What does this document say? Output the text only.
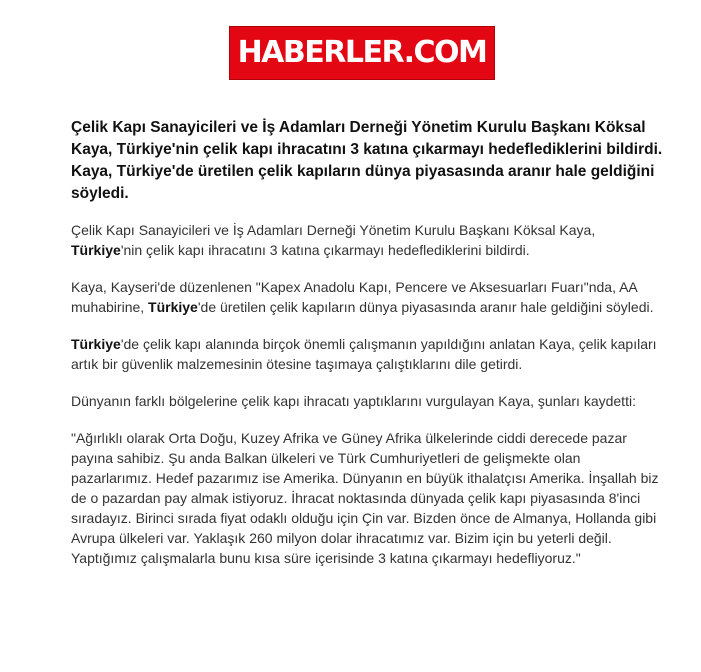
HABERLER.COM

Çelik Kapı Sanayicileri ve İş Adamları Derneği Yönetim Kurulu Başkanı Köksal Kaya, Türkiye'nin çelik kapı ihracatını 3 katına çıkarmayı hedeflediklerini bildirdi. Kaya, Türkiye'de üretilen çelik kapıların dünya piyasasında aranır hale geldiğini söyledi.

Çelik Kapı Sanayicileri ve İş Adamları Derneği Yönetim Kurulu Başkanı Köksal Kaya, Türkiye'nin çelik kapı ihracatını 3 katına çıkarmayı hedeflediklerini bildirdi.

Kaya, Kayseri'de düzenlenen "Kapex Anadolu Kapı, Pencere ve Aksesuarları Fuarı"nda, AA muhabirine, Türkiye'de üretilen çelik kapıların dünya piyasasında aranır hale geldiğini söyledi.

Türkiye'de çelik kapı alanında birçok önemli çalışmanın yapıldığını anlatan Kaya, çelik kapıları artık bir güvenlik malzemesinin ötesine taşımaya çalıştıklarını dile getirdi.

Dünyanın farklı bölgelerine çelik kapı ihracatı yaptıklarını vurgulayan Kaya, şunları kaydetti:

"Ağırlıklı olarak Orta Doğu, Kuzey Afrika ve Güney Afrika ülkelerinde ciddi derecede pazar payına sahibiz. Şu anda Balkan ülkeleri ve Türk Cumhuriyetleri de gelişmekte olan pazarlarımız. Hedef pazarımız ise Amerika. Dünyanın en büyük ithalatçısı Amerika. İnşallah biz de o pazardan pay almak istiyoruz. İhracat noktasında dünyada çelik kapı piyasasında 8'inci sıradayız. Birinci sırada fiyat odaklı olduğu için Çin var. Bizden önce de Almanya, Hollanda gibi Avrupa ülkeleri var. Yaklaşık 260 milyon dolar ihracatımız var. Bizim için bu yeterli değil. Yaptığımız çalışmalarla bunu kısa süre içerisinde 3 katına çıkarmayı hedefliyoruz."
